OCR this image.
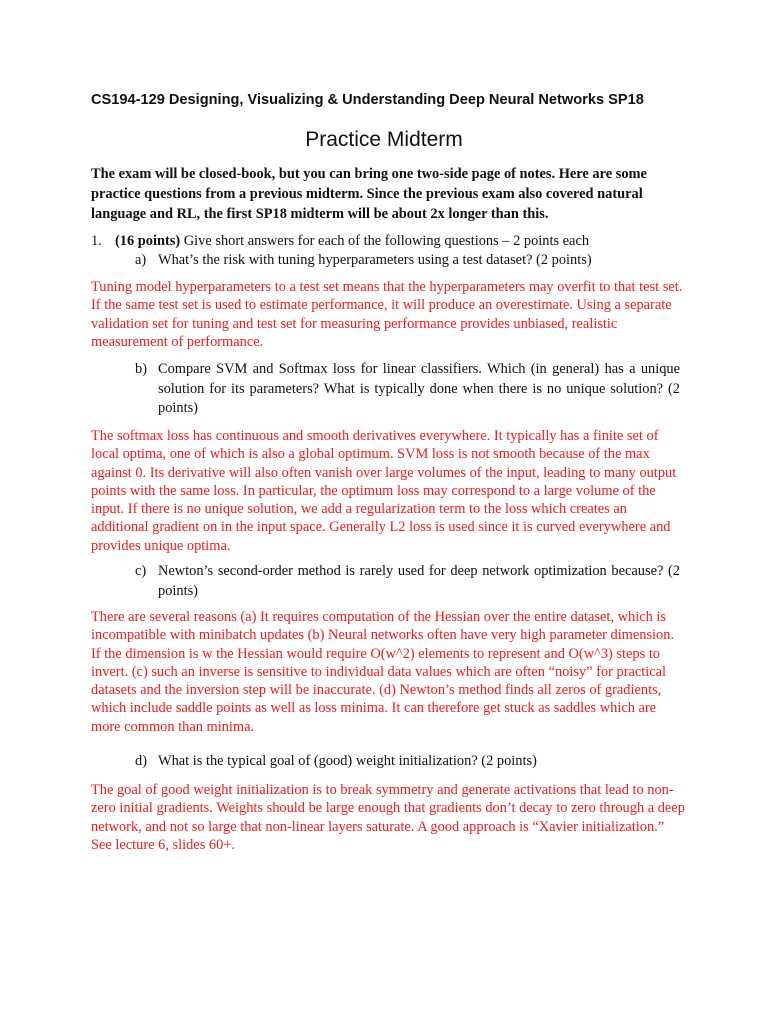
CS194-129 Designing, Visualizing & Understanding Deep Neural Networks SP18
Practice Midterm
The exam will be closed-book, but you can bring one two-side page of notes. Here are some practice questions from a previous midterm. Since the previous exam also covered natural language and RL, the first SP18 midterm will be about 2x longer than this.
1. (16 points) Give short answers for each of the following questions – 2 points each
a) What’s the risk with tuning hyperparameters using a test dataset? (2 points)
Tuning model hyperparameters to a test set means that the hyperparameters may overfit to that test set. If the same test set is used to estimate performance, it will produce an overestimate. Using a separate validation set for tuning and test set for measuring performance provides unbiased, realistic measurement of performance.
b) Compare SVM and Softmax loss for linear classifiers. Which (in general) has a unique solution for its parameters? What is typically done when there is no unique solution? (2 points)
The softmax loss has continuous and smooth derivatives everywhere. It typically has a finite set of local optima, one of which is also a global optimum. SVM loss is not smooth because of the max against 0. Its derivative will also often vanish over large volumes of the input, leading to many output points with the same loss. In particular, the optimum loss may correspond to a large volume of the input. If there is no unique solution, we add a regularization term to the loss which creates an additional gradient on in the input space. Generally L2 loss is used since it is curved everywhere and provides unique optima.
c) Newton’s second-order method is rarely used for deep network optimization because? (2 points)
There are several reasons (a) It requires computation of the Hessian over the entire dataset, which is incompatible with minibatch updates (b) Neural networks often have very high parameter dimension. If the dimension is w the Hessian would require O(w^2) elements to represent and O(w^3) steps to invert. (c) such an inverse is sensitive to individual data values which are often “noisy” for practical datasets and the inversion step will be inaccurate. (d) Newton’s method finds all zeros of gradients, which include saddle points as well as loss minima. It can therefore get stuck as saddles which are more common than minima.
d) What is the typical goal of (good) weight initialization? (2 points)
The goal of good weight initialization is to break symmetry and generate activations that lead to non-zero initial gradients. Weights should be large enough that gradients don’t decay to zero through a deep network, and not so large that non-linear layers saturate. A good approach is “Xavier initialization.” See lecture 6, slides 60+.
